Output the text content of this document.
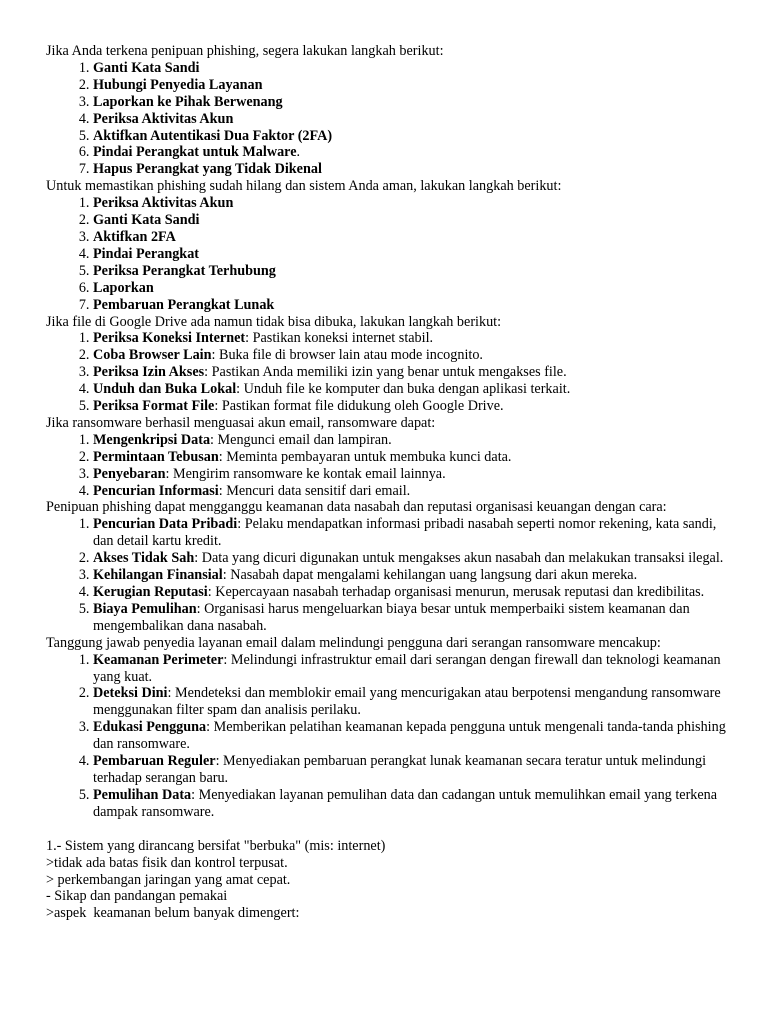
Jika Anda terkena penipuan phishing, segera lakukan langkah berikut:

1. Ganti Kata Sandi
2. Hubungi Penyedia Layanan
3. Laporkan ke Pihak Berwenang
4. Periksa Aktivitas Akun
5. Aktifkan Autentikasi Dua Faktor (2FA)
6. Pindai Perangkat untuk Malware.
7. Hapus Perangkat yang Tidak Dikenal

Untuk memastikan phishing sudah hilang dan sistem Anda aman, lakukan langkah berikut:

1. Periksa Aktivitas Akun
2. Ganti Kata Sandi
3. Aktifkan 2FA
4. Pindai Perangkat
5. Periksa Perangkat Terhubung
6. Laporkan
7. Pembaruan Perangkat Lunak

Jika file di Google Drive ada namun tidak bisa dibuka, lakukan langkah berikut:

1. Periksa Koneksi Internet: Pastikan koneksi internet stabil.
2. Coba Browser Lain: Buka file di browser lain atau mode incognito.
3. Periksa Izin Akses: Pastikan Anda memiliki izin yang benar untuk mengakses file.
4. Unduh dan Buka Lokal: Unduh file ke komputer dan buka dengan aplikasi terkait.
5. Periksa Format File: Pastikan format file didukung oleh Google Drive.

Jika ransomware berhasil menguasai akun email, ransomware dapat:

1. Mengenkripsi Data: Mengunci email dan lampiran.
2. Permintaan Tebusan: Meminta pembayaran untuk membuka kunci data.
3. Penyebaran: Mengirim ransomware ke kontak email lainnya.
4. Pencurian Informasi: Mencuri data sensitif dari email.

Penipuan phishing dapat mengganggu keamanan data nasabah dan reputasi organisasi keuangan dengan cara:

1. Pencurian Data Pribadi: Pelaku mendapatkan informasi pribadi nasabah seperti nomor rekening, kata sandi, dan detail kartu kredit.
2. Akses Tidak Sah: Data yang dicuri digunakan untuk mengakses akun nasabah dan melakukan transaksi ilegal.
3. Kehilangan Finansial: Nasabah dapat mengalami kehilangan uang langsung dari akun mereka.
4. Kerugian Reputasi: Kepercayaan nasabah terhadap organisasi menurun, merusak reputasi dan kredibilitas.
5. Biaya Pemulihan: Organisasi harus mengeluarkan biaya besar untuk memperbaiki sistem keamanan dan mengembalikan dana nasabah.

Tanggung jawab penyedia layanan email dalam melindungi pengguna dari serangan ransomware mencakup:

1. Keamanan Perimeter: Melindungi infrastruktur email dari serangan dengan firewall dan teknologi keamanan yang kuat.
2. Deteksi Dini: Mendeteksi dan memblokir email yang mencurigakan atau berpotensi mengandung ransomware menggunakan filter spam dan analisis perilaku.
3. Edukasi Pengguna: Memberikan pelatihan keamanan kepada pengguna untuk mengenali tanda-tanda phishing dan ransomware.
4. Pembaruan Reguler: Menyediakan pembaruan perangkat lunak keamanan secara teratur untuk melindungi terhadap serangan baru.
5. Pemulihan Data: Menyediakan layanan pemulihan data dan cadangan untuk memulihkan email yang terkena dampak ransomware.

1.- Sistem yang dirancang bersifat "berbuka" (mis: internet)

>tidak ada batas fisik dan kontrol terpusat.

> perkembangan jaringan yang amat cepat.

- Sikap dan pandangan pemakai

>aspek  keamanan belum banyak dimengert:
